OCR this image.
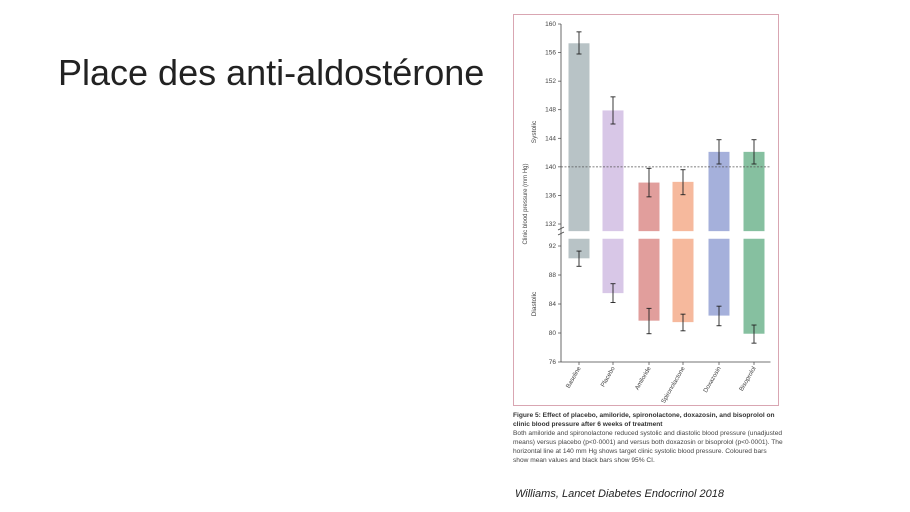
Place des anti-aldostérone
132
136
140
144
148
152
156
160
76
80
84
88
92
Clinic blood pressure (mm Hg)
Systolic
Diastolic
Baseline	Placebo	Amiloride Spironolactone Doxazosin Bisoprolol
Figure 5: Effect of placebo, amiloride, spironolactone, doxazosin, and bisoprolol on clinic blood pressure after 6 weeks of treatment
Both amiloride and spironolactone reduced systolic and diastolic blood pressure (unadjusted means) versus placebo (p<0·0001) and versus both doxazosin or bisoprolol (p<0·0001). The horizontal line at 140 mm Hg shows target clinic systolic blood pressure. Coloured bars show mean values and black bars show 95% CI.
Williams, Lancet Diabetes Endocrinol 2018
